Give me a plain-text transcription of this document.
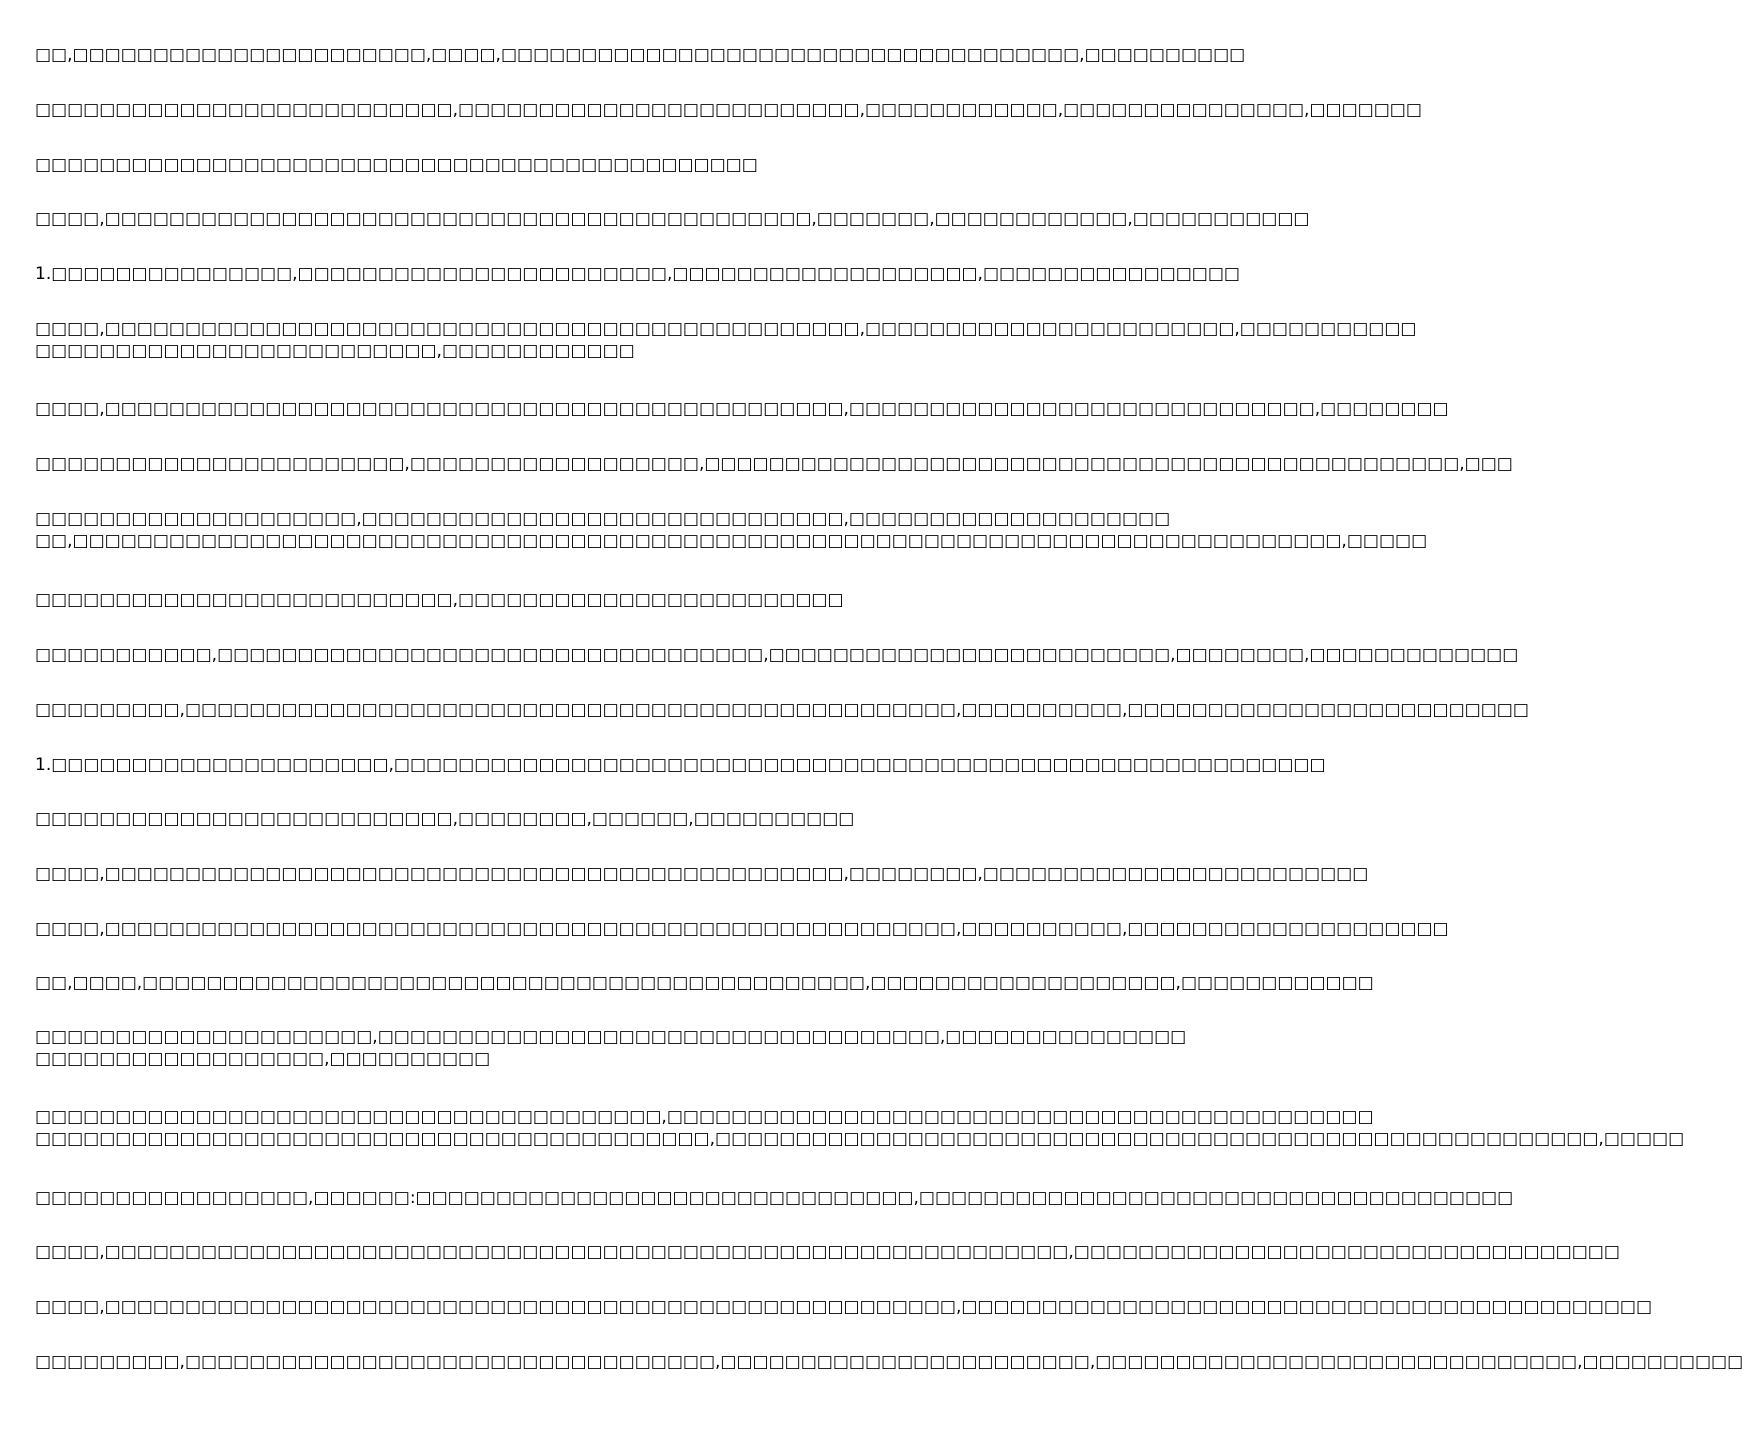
□□,□□□□□□□□□□□□□□□□□□□□□□,□□□□,□□□□□□□□□□□□□□□□□□□□□□□□□□□□□□□□□□□□,□□□□□□□□□□
□□□□□□□□□□□□□□□□□□□□□□□□□□,□□□□□□□□□□□□□□□□□□□□□□□□□,□□□□□□□□□□□□,□□□□□□□□□□□□□□□,□□□□□□□
□□□□□□□□□□□□□□□□□□□□□□□□□□□□□□□□□□□□□□□□□□□□□
□□□□,□□□□□□□□□□□□□□□□□□□□□□□□□□□□□□□□□□□□□□□□□□□□,□□□□□□□,□□□□□□□□□□□□,□□□□□□□□□□□
1.□□□□□□□□□□□□□□□,□□□□□□□□□□□□□□□□□□□□□□□,□□□□□□□□□□□□□□□□□□□,□□□□□□□□□□□□□□□□
□□□□,□□□□□□□□□□□□□□□□□□□□□□□□□□□□□□□□□□□□□□□□□□□□□□□,□□□□□□□□□□□□□□□□□□□□□□□,□□□□□□□□□□□
□□□□□□□□□□□□□□□□□□□□□□□□□,□□□□□□□□□□□□
□□□□,□□□□□□□□□□□□□□□□□□□□□□□□□□□□□□□□□□□□□□□□□□□□□□,□□□□□□□□□□□□□□□□□□□□□□□□□□□□□,□□□□□□□□
□□□□□□□□□□□□□□□□□□□□□□□,□□□□□□□□□□□□□□□□□□,□□□□□□□□□□□□□□□□□□□□□□□□□□□□□□□□□□□□□□□□□□□□□□□,□□□
□□□□□□□□□□□□□□□□□□□□,□□□□□□□□□□□□□□□□□□□□□□□□□□□□□□,□□□□□□□□□□□□□□□□□□□□
□□,□□□□□□□□□□□□□□□□□□□□□□□□□□□□□□□□□□□□□□□□□□□□□□□□□□□□□□□□□□□□□□□□□□□□□□□□□□□□□□□,□□□□□
□□□□□□□□□□□□□□□□□□□□□□□□□□,□□□□□□□□□□□□□□□□□□□□□□□□
□□□□□□□□□□□,□□□□□□□□□□□□□□□□□□□□□□□□□□□□□□□□□□,□□□□□□□□□□□□□□□□□□□□□□□□□,□□□□□□□□,□□□□□□□□□□□□□
□□□□□□□□□,□□□□□□□□□□□□□□□□□□□□□□□□□□□□□□□□□□□□□□□□□□□□□□□□,□□□□□□□□□□,□□□□□□□□□□□□□□□□□□□□□□□□□
1.□□□□□□□□□□□□□□□□□□□□□,□□□□□□□□□□□□□□□□□□□□□□□□□□□□□□□□□□□□□□□□□□□□□□□□□□□□□□□□□□
□□□□□□□□□□□□□□□□□□□□□□□□□□,□□□□□□□□,□□□□□□,□□□□□□□□□□
□□□□,□□□□□□□□□□□□□□□□□□□□□□□□□□□□□□□□□□□□□□□□□□□□□□,□□□□□□□□,□□□□□□□□□□□□□□□□□□□□□□□□
□□□□,□□□□□□□□□□□□□□□□□□□□□□□□□□□□□□□□□□□□□□□□□□□□□□□□□□□□□,□□□□□□□□□□,□□□□□□□□□□□□□□□□□□□□
□□,□□□□,□□□□□□□□□□□□□□□□□□□□□□□□□□□□□□□□□□□□□□□□□□□□□,□□□□□□□□□□□□□□□□□□□,□□□□□□□□□□□□
□□□□□□□□□□□□□□□□□□□□□,□□□□□□□□□□□□□□□□□□□□□□□□□□□□□□□□□□□,□□□□□□□□□□□□□□□
□□□□□□□□□□□□□□□□□□,□□□□□□□□□□
□□□□□□□□□□□□□□□□□□□□□□□□□□□□□□□□□□□□□□□,□□□□□□□□□□□□□□□□□□□□□□□□□□□□□□□□□□□□□□□□□□□□
□□□□□□□□□□□□□□□□□□□□□□□□□□□□□□□□□□□□□□□□□□,□□□□□□□□□□□□□□□□□□□□□□□□□□□□□□□□□□□□□□□□□□□□□□□□□□□□□□□,□□□□□
□□□□□□□□□□□□□□□□□,□□□□□□:□□□□□□□□□□□□□□□□□□□□□□□□□□□□□□□,□□□□□□□□□□□□□□□□□□□□□□□□□□□□□□□□□□□□□
□□□□,□□□□□□□□□□□□□□□□□□□□□□□□□□□□□□□□□□□□□□□□□□□□□□□□□□□□□□□□□□□□,□□□□□□□□□□□□□□□□□□□□□□□□□□□□□□□□□□
□□□□,□□□□□□□□□□□□□□□□□□□□□□□□□□□□□□□□□□□□□□□□□□□□□□□□□□□□□,□□□□□□□□□□□□□□□□□□□□□□□□□□□□□□□□□□□□□□□□□□□
□□□□□□□□□,□□□□□□□□□□□□□□□□□□□□□□□□□□□□□□□□□,□□□□□□□□□□□□□□□□□□□□□□□,□□□□□□□□□□□□□□□□□□□□□□□□□□□□□□,□□□□□□□□□□
